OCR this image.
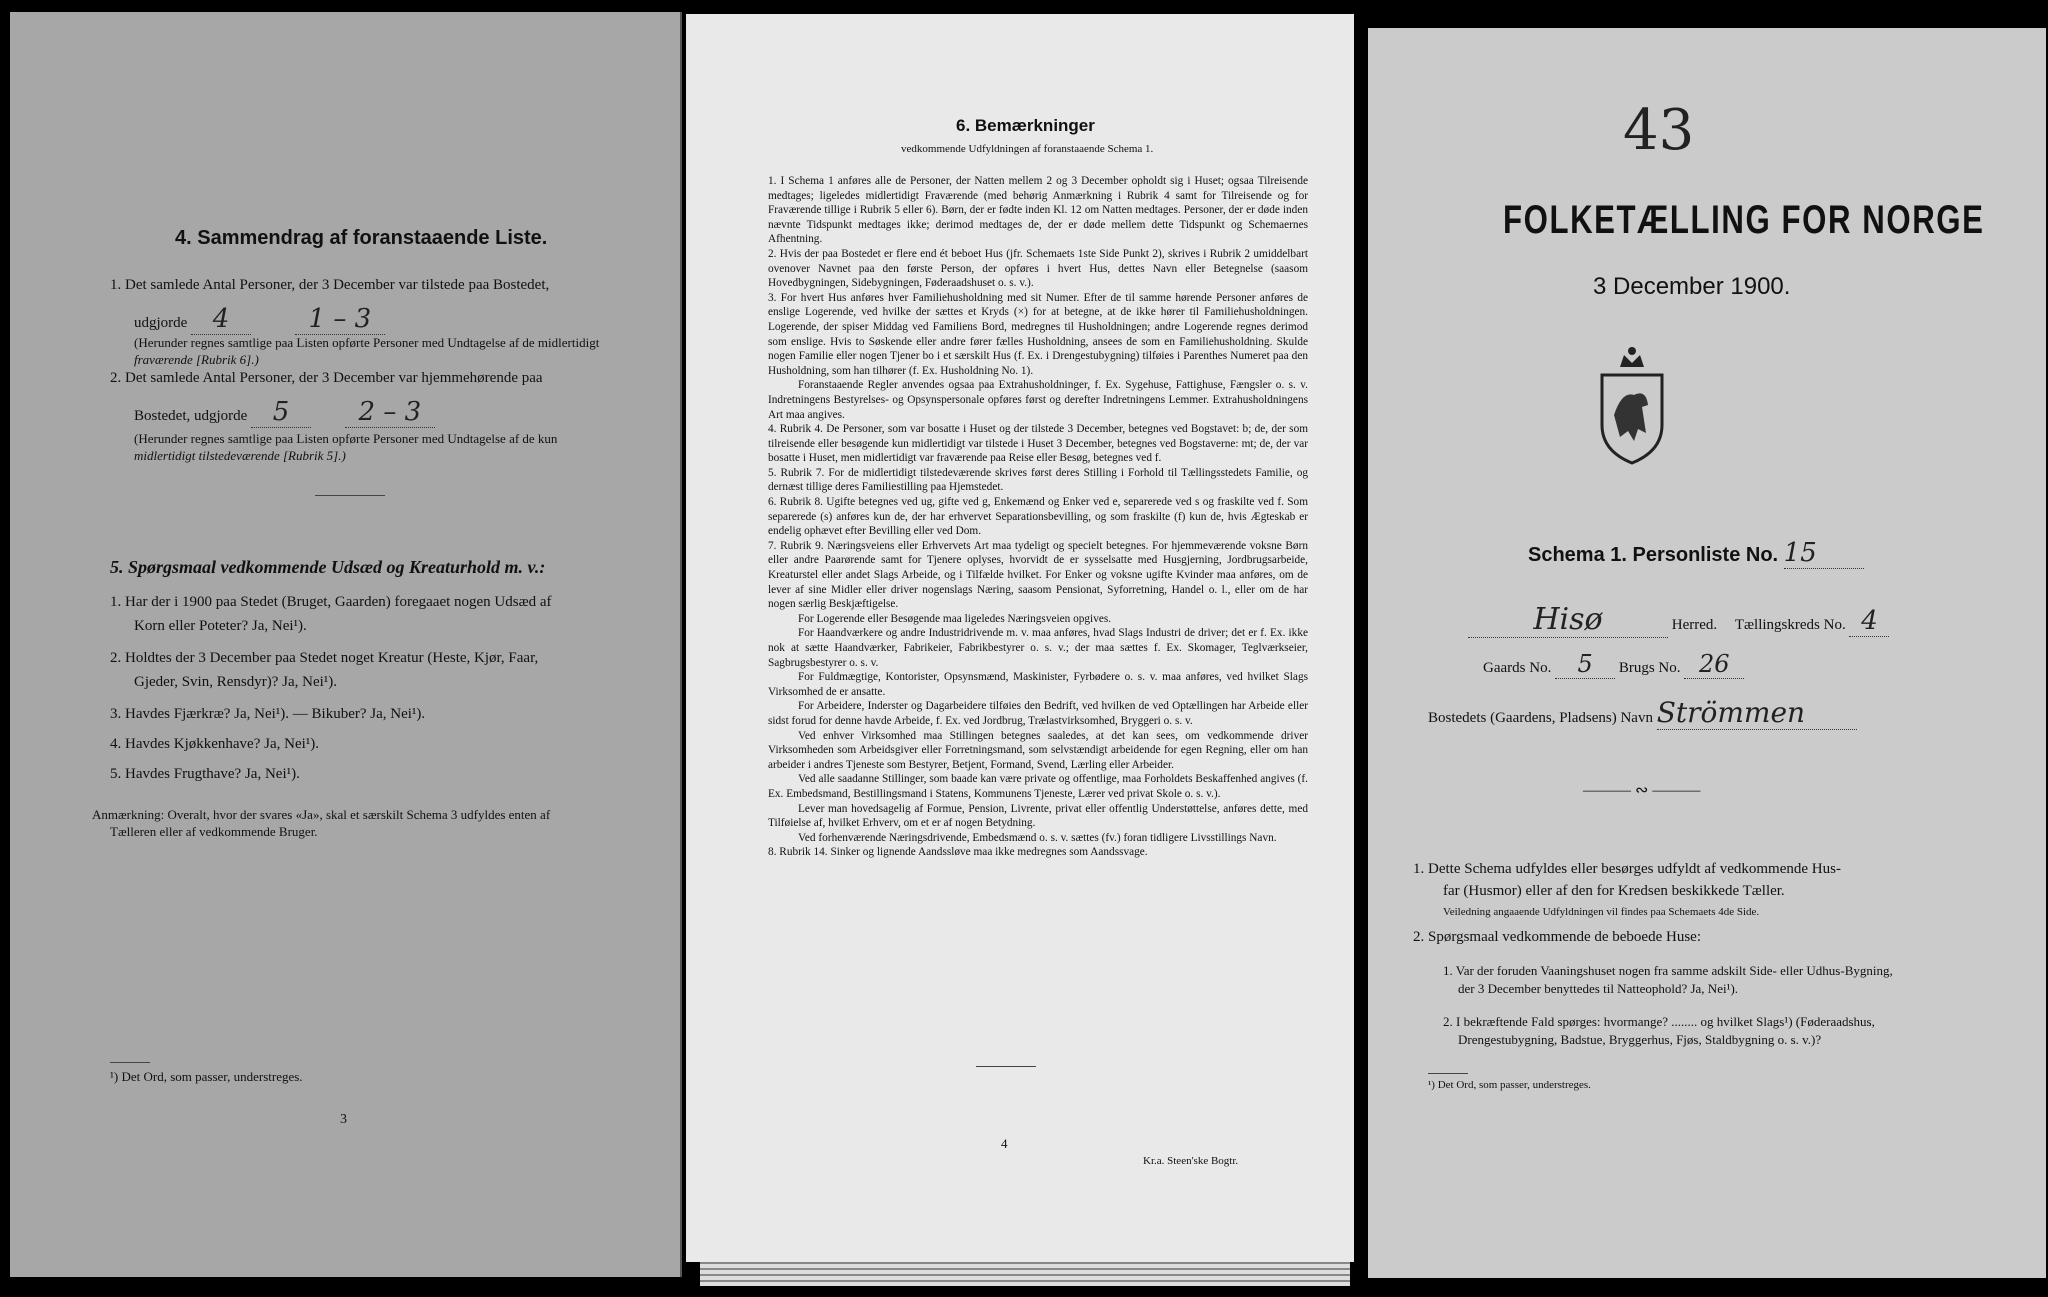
4. Sammendrag af foranstaaende Liste.
1. Det samlede Antal Personer, der 3 December var tilstede paa Bostedet,
udgjorde 4	1 – 3
(Herunder regnes samtlige paa Listen opførte Personer med Undtagelse af de midlertidigt
fraværende [Rubrik 6].)
2. Det samlede Antal Personer, der 3 December var hjemmehørende paa
Bostedet, udgjorde 5	2 – 3
(Herunder regnes samtlige paa Listen opførte Personer med Undtagelse af de kun
midlertidigt tilstedeværende [Rubrik 5].)
5. Spørgsmaal vedkommende Udsæd og Kreaturhold m. v.:
1. Har der i 1900 paa Stedet (Bruget, Gaarden) foregaaet nogen Udsæd af
Korn eller Poteter? Ja, Nei¹).
2. Holdtes der 3 December paa Stedet noget Kreatur (Heste, Kjør, Faar,
Gjeder, Svin, Rensdyr)? Ja, Nei¹).
3. Havdes Fjærkræ? Ja, Nei¹). — Bikuber? Ja, Nei¹).
4. Havdes Kjøkkenhave? Ja, Nei¹).
5. Havdes Frugthave? Ja, Nei¹).
Anmærkning: Overalt, hvor der svares «Ja», skal et særskilt Schema 3 udfyldes enten af
Tælleren eller af vedkommende Bruger.
¹) Det Ord, som passer, understreges.
3
6. Bemærkninger
vedkommende Udfyldningen af foranstaaende Schema 1.

1. I Schema 1 anføres alle de Personer, der Natten mellem 2 og 3 December opholdt sig i Huset; ogsaa Tilreisende medtages; ligeledes midlertidigt Fraværende (med behørig Anmærkning i Rubrik 4 samt for Tilreisende og for Fraværende tillige i Rubrik 5 eller 6). Børn, der er fødte inden Kl. 12 om Natten medtages. Personer, der er døde inden nævnte Tidspunkt medtages ikke; derimod medtages de, der er døde mellem dette Tidspunkt og Schemaernes Afhentning.

2. Hvis der paa Bostedet er flere end ét beboet Hus (jfr. Schemaets 1ste Side Punkt 2), skrives i Rubrik 2 umiddelbart ovenover Navnet paa den første Person, der opføres i hvert Hus, dettes Navn eller Betegnelse (saasom Hovedbygningen, Sidebygningen, Føderaadshuset o. s. v.).

3. For hvert Hus anføres hver Familiehusholdning med sit Numer. Efter de til samme hørende Personer anføres de enslige Logerende, ved hvilke der sættes et Kryds (×) for at betegne, at de ikke hører til Familiehusholdningen. Logerende, der spiser Middag ved Familiens Bord, medregnes til Husholdningen; andre Logerende regnes derimod som enslige. Hvis to Søskende eller andre fører fælles Husholdning, ansees de som en Familiehusholdning. Skulde nogen Familie eller nogen Tjener bo i et særskilt Hus (f. Ex. i Drengestubygning) tilføies i Parenthes Numeret paa den Husholdning, som han tilhører (f. Ex. Husholdning No. 1).

Foranstaaende Regler anvendes ogsaa paa Extrahusholdninger, f. Ex. Sygehuse, Fattighuse, Fængsler o. s. v. Indretningens Bestyrelses- og Opsynspersonale opføres først og derefter Indretningens Lemmer. Extrahusholdningens Art maa angives.

4. Rubrik 4. De Personer, som var bosatte i Huset og der tilstede 3 December, betegnes ved Bogstavet: b; de, der som tilreisende eller besøgende kun midlertidigt var tilstede i Huset 3 December, betegnes ved Bogstaverne: mt; de, der var bosatte i Huset, men midlertidigt var fraværende paa Reise eller Besøg, betegnes ved f.

5. Rubrik 7. For de midlertidigt tilstedeværende skrives først deres Stilling i Forhold til Tællingsstedets Familie, og dernæst tillige deres Familiestilling paa Hjemstedet.

6. Rubrik 8. Ugifte betegnes ved ug, gifte ved g, Enkemænd og Enker ved e, separerede ved s og fraskilte ved f. Som separerede (s) anføres kun de, der har erhvervet Separationsbevilling, og som fraskilte (f) kun de, hvis Ægteskab er endelig ophævet efter Bevilling eller ved Dom.

7. Rubrik 9. Næringsveiens eller Erhvervets Art maa tydeligt og specielt betegnes. For hjemmeværende voksne Børn eller andre Paarørende samt for Tjenere oplyses, hvorvidt de er sysselsatte med Husgjerning, Jordbrugsarbeide, Kreaturstel eller andet Slags Arbeide, og i Tilfælde hvilket. For Enker og voksne ugifte Kvinder maa anføres, om de lever af sine Midler eller driver nogenslags Næring, saasom Pensionat, Syforretning, Handel o. l., eller om de har nogen særlig Beskjæftigelse.

For Logerende eller Besøgende maa ligeledes Næringsveien opgives.

For Haandværkere og andre Industridrivende m. v. maa anføres, hvad Slags Industri de driver; det er f. Ex. ikke nok at sætte Haandværker, Fabrikeier, Fabrikbestyrer o. s. v.; der maa sættes f. Ex. Skomager, Teglværkseier, Sagbrugsbestyrer o. s. v.

For Fuldmægtige, Kontorister, Opsynsmænd, Maskinister, Fyrbødere o. s. v. maa anføres, ved hvilket Slags Virksomhed de er ansatte.

For Arbeidere, Inderster og Dagarbeidere tilføies den Bedrift, ved hvilken de ved Optællingen har Arbeide eller sidst forud for denne havde Arbeide, f. Ex. ved Jordbrug, Trælastvirksomhed, Bryggeri o. s. v.

Ved enhver Virksomhed maa Stillingen betegnes saaledes, at det kan sees, om vedkommende driver Virksomheden som Arbeidsgiver eller Forretningsmand, som selvstændigt arbeidende for egen Regning, eller om han arbeider i andres Tjeneste som Bestyrer, Betjent, Formand, Svend, Lærling eller Arbeider.

Ved alle saadanne Stillinger, som baade kan være private og offentlige, maa Forholdets Beskaffenhed angives (f. Ex. Embedsmand, Bestillingsmand i Statens, Kommunens Tjeneste, Lærer ved privat Skole o. s. v.).

Lever man hovedsagelig af Formue, Pension, Livrente, privat eller offentlig Understøttelse, anføres dette, med Tilføielse af, hvilket Erhverv, om et er af nogen Betydning.

Ved forhenværende Næringsdrivende, Embedsmænd o. s. v. sættes (fv.) foran tidligere Livsstillings Navn.

8. Rubrik 14. Sinker og lignende Aandssløve maa ikke medregnes som Aandssvage.

4
Kr.a. Steen'ske Bogtr.
43
FOLKETÆLLING FOR NORGE
3 December 1900.
Schema 1. Personliste No. 15
Hisø	Herred. Tællingskreds No. 4
Gaards No. 5 Brugs No. 26
Bostedets (Gaardens, Pladsens) Navn Strömmen
——— ∾ ———
1. Dette Schema udfyldes eller besørges udfyldt af vedkommende Hus-
far (Husmor) eller af den for Kredsen beskikkede Tæller.
Veiledning angaaende Udfyldningen vil findes paa Schemaets 4de Side.
2. Spørgsmaal vedkommende de beboede Huse:
1. Var der foruden Vaaningshuset nogen fra samme adskilt Side- eller Udhus-Bygning,
der 3 December benyttedes til Natteophold? Ja, Nei¹).
2. I bekræftende Fald spørges: hvormange? ........ og hvilket Slags¹) (Føderaadshus,
Drengestubygning, Badstue, Bryggerhus, Fjøs, Staldbygning o. s. v.)?
¹) Det Ord, som passer, understreges.
